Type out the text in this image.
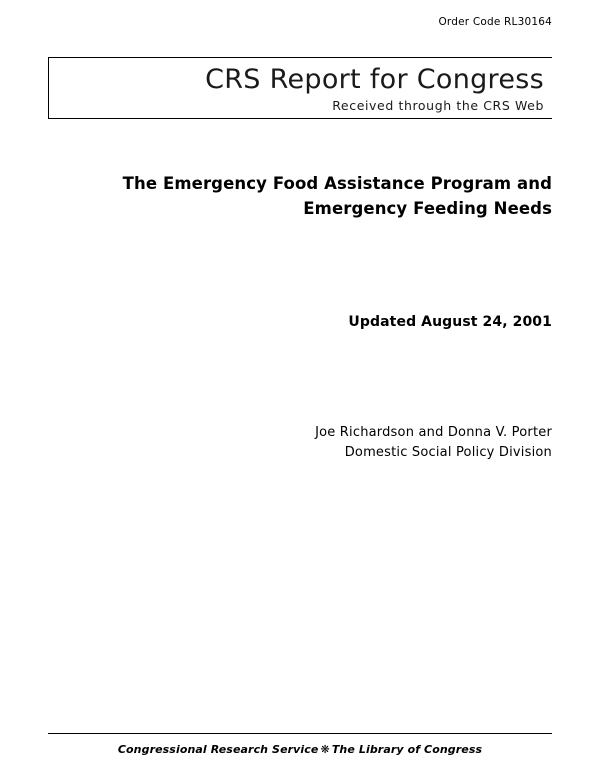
Order Code RL30164
CRS Report for Congress
Received through the CRS Web
The Emergency Food Assistance Program and
Emergency Feeding Needs
Updated August 24, 2001
Joe Richardson and Donna V. Porter
Domestic Social Policy Division
Congressional Research Service ❋ The Library of Congress
